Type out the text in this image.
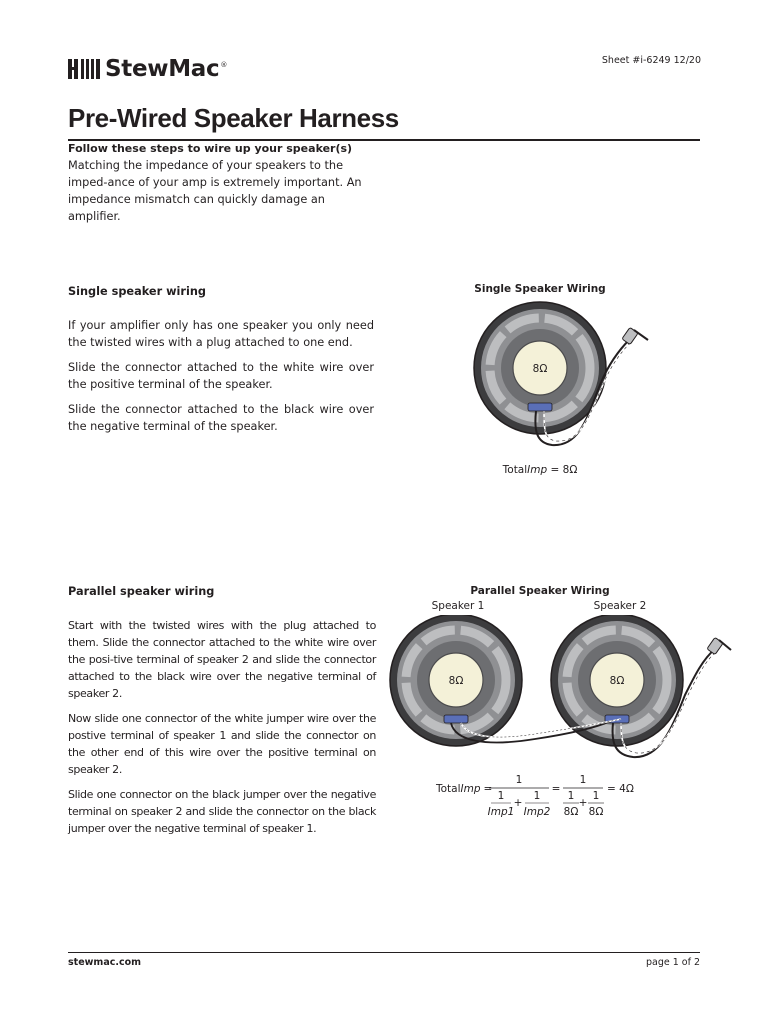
StewMac ®	Sheet #i-6249 12/20
Pre-Wired Speaker Harness
Follow these steps to wire up your speaker(s)
Matching the impedance of your speakers to the imped-ance of your amp is extremely important. An impedance mismatch can quickly damage an amplifier.
Single speaker wiring

If your amplifier only has one speaker you only need the twisted wires with a plug attached to one end.

Slide the connector attached to the white wire over the positive terminal of the speaker.

Slide the connector attached to the black wire over the negative terminal of the speaker.

Single Speaker Wiring
8Ω
TotalImp = 8Ω
Parallel speaker wiring

Start with the twisted wires with the plug attached to them. Slide the connector attached to the white wire over the posi-tive terminal of speaker 2 and slide the connector attached to the black wire over the negative terminal of speaker 2.

Now slide one connector of the white jumper wire over the postive terminal of speaker 1 and slide the connector on the other end of this wire over the positive terminal on speaker 2.

Slide one connector on the black jumper over the negative terminal on speaker 2 and slide the connector on the black jumper over the negative terminal of speaker 1.

Parallel Speaker Wiring
Speaker 1	Speaker 2
8Ω	8Ω
TotalImp =
1
1
Imp1
+
1
Imp2
=
1
1
8Ω
+
1
8Ω
= 4Ω
stewmac.com	page 1 of 2
